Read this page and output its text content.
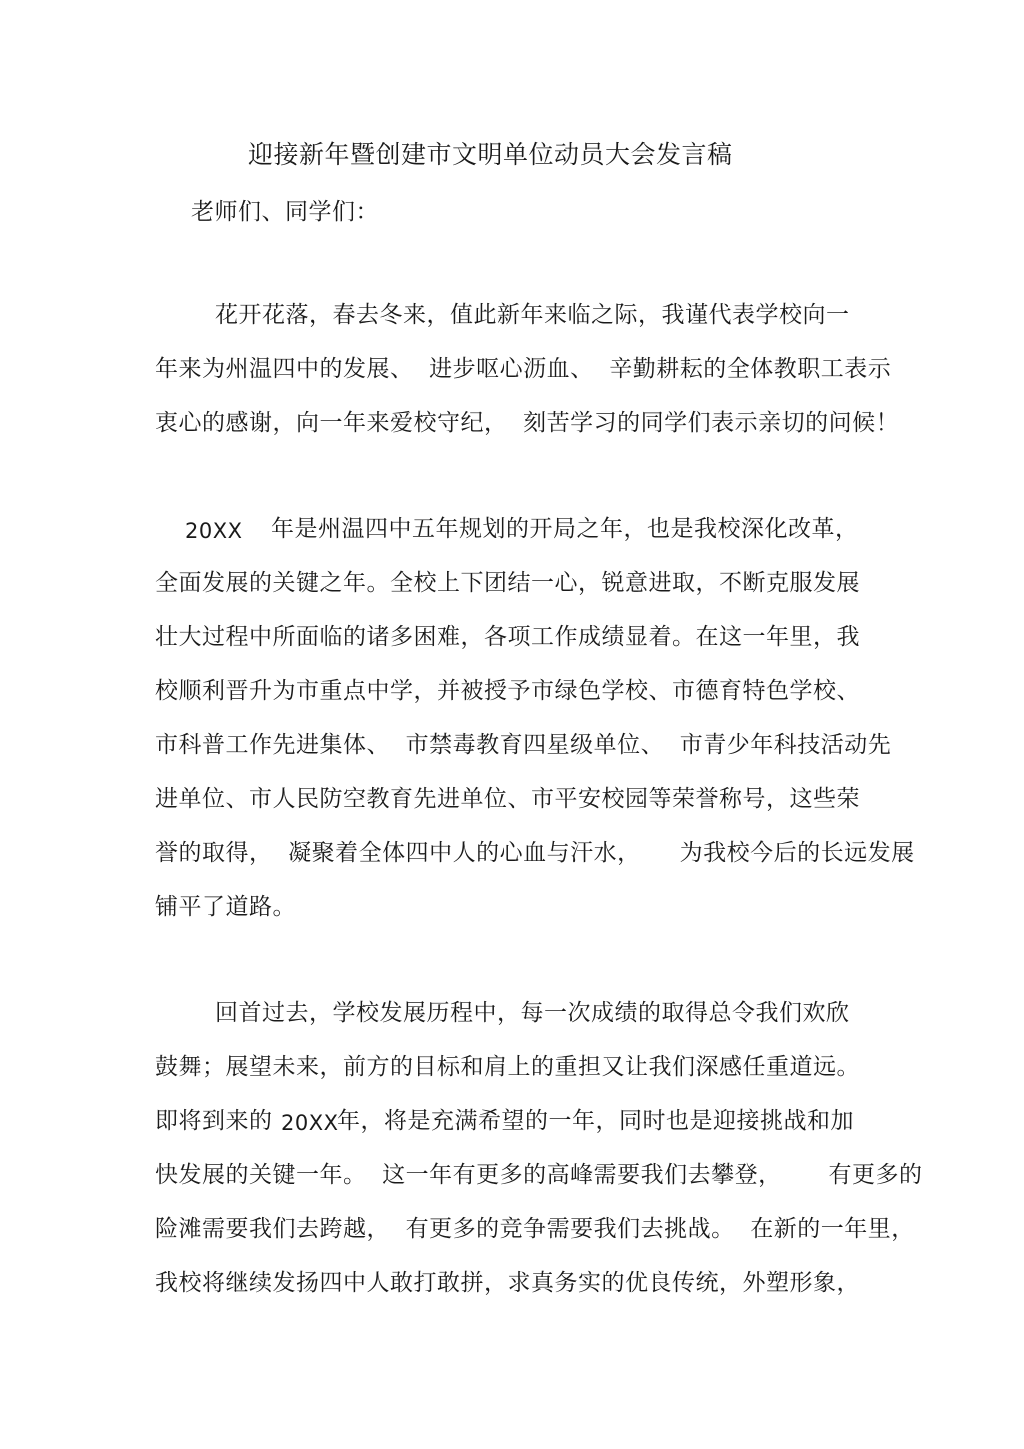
迎接新年暨创建市文明单位动员大会发言稿
老师们、同学们：
花开花落，春去冬来，值此新年来临之际，我谨代表学校向一
年来为州温四中的发展、  进步呕心沥血、  辛勤耕耘的全体教职工表示
衷心的感谢，向一年来爱校守纪，  刻苦学习的同学们表示亲切的问候！
20XX 年是州温四中五年规划的开局之年，也是我校深化改革，
全面发展的关键之年。全校上下团结一心，锐意进取，不断克服发展
壮大过程中所面临的诸多困难，各项工作成绩显着。在这一年里，我
校顺利晋升为市重点中学，并被授予市绿色学校、市德育特色学校、
市科普工作先进集体、  市禁毒教育四星级单位、  市青少年科技活动先
进单位、市人民防空教育先进单位、市平安校园等荣誉称号，这些荣
誉的取得，  凝聚着全体四中人的心血与汗水，     为我校今后的长远发展
铺平了道路。
回首过去，学校发展历程中，每一次成绩的取得总令我们欢欣
鼓舞；展望未来，前方的目标和肩上的重担又让我们深感任重道远。
即将到来的 20XX
年，将是充满希望的一年，同时也是迎接挑战和加
快发展的关键一年。  这一年有更多的高峰需要我们去攀登，      有更多的
险滩需要我们去跨越，  有更多的竞争需要我们去挑战。  在新的一年里，
我校将继续发扬四中人敢打敢拼，求真务实的优良传统，外塑形象，
